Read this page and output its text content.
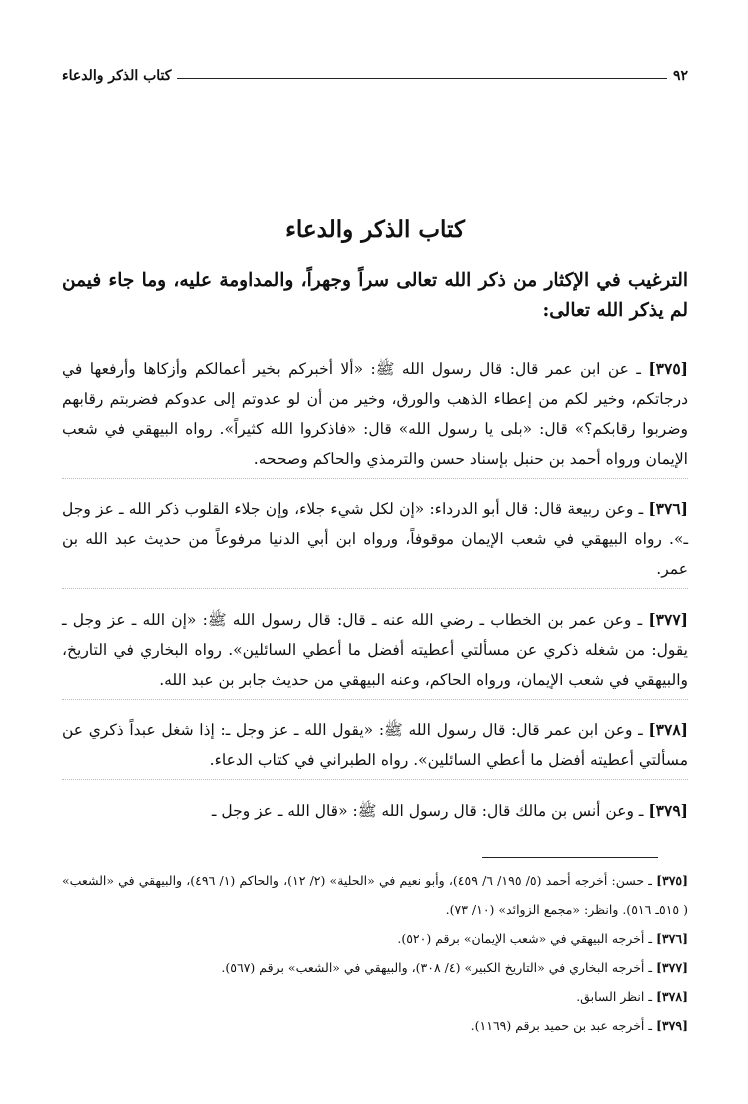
٩٢
كتاب الذكر والدعاء
كتاب الذكر والدعاء
الترغيب في الإكثار من ذكر الله تعالى سراً وجهراً، والمداومة عليه، وما جاء فيمن لم يذكر الله تعالى:

[٣٧٥] ـ عن ابن عمر قال: قال رسول الله ﷺ: «ألا أخبركم بخير أعمالكم وأزكاها وأرفعها في درجاتكم، وخير لكم من إعطاء الذهب والورق، وخير من أن لو عدوتم إلى عدوكم فضربتم رقابهم وضربوا رقابكم؟» قال: «بلى يا رسول الله» قال: «فاذكروا الله كثيراً». رواه البيهقي في شعب الإيمان ورواه أحمد بن حنبل بإسناد حسن والترمذي والحاكم وصححه.

[٣٧٦] ـ وعن ربيعة قال: قال أبو الدرداء: «إن لكل شيء جلاء، وإن جلاء القلوب ذكر الله ـ عز وجل ـ». رواه البيهقي في شعب الإيمان موقوفاً، ورواه ابن أبي الدنيا مرفوعاً من حديث عبد الله بن عمر.

[٣٧٧] ـ وعن عمر بن الخطاب ـ رضي الله عنه ـ قال: قال رسول الله ﷺ: «إن الله ـ عز وجل ـ يقول: من شغله ذكري عن مسألتي أعطيته أفضل ما أعطي السائلين». رواه البخاري في التاريخ، والبيهقي في شعب الإيمان، ورواه الحاكم، وعنه البيهقي من حديث جابر بن عبد الله.

[٣٧٨] ـ وعن ابن عمر قال: قال رسول الله ﷺ: «يقول الله ـ عز وجل ـ: إذا شغل عبداً ذكري عن مسألتي أعطيته أفضل ما أعطي السائلين». رواه الطبراني في كتاب الدعاء.

[٣٧٩] ـ وعن أنس بن مالك قال: قال رسول الله ﷺ: «قال الله ـ عز وجل ـ

[٣٧٥] ـ حسن: أخرجه أحمد (٥/ ١٩٥/ ٦/ ٤٥٩)، وأبو نعيم في «الحلية» (٢/ ١٢)، والحاكم (١/ ٤٩٦)، والبيهقي في «الشعب» ( ٥١٥ـ ٥١٦). وانظر: «مجمع الزوائد» (١٠/ ٧٣).

[٣٧٦] ـ أخرجه البيهقي في «شعب الإيمان» برقم (٥٢٠).

[٣٧٧] ـ أخرجه البخاري في «التاريخ الكبير» (٤/ ٣٠٨)، والبيهقي في «الشعب» برقم (٥٦٧).

[٣٧٨] ـ انظر السابق.

[٣٧٩] ـ أخرجه عبد بن حميد برقم (١١٦٩).
